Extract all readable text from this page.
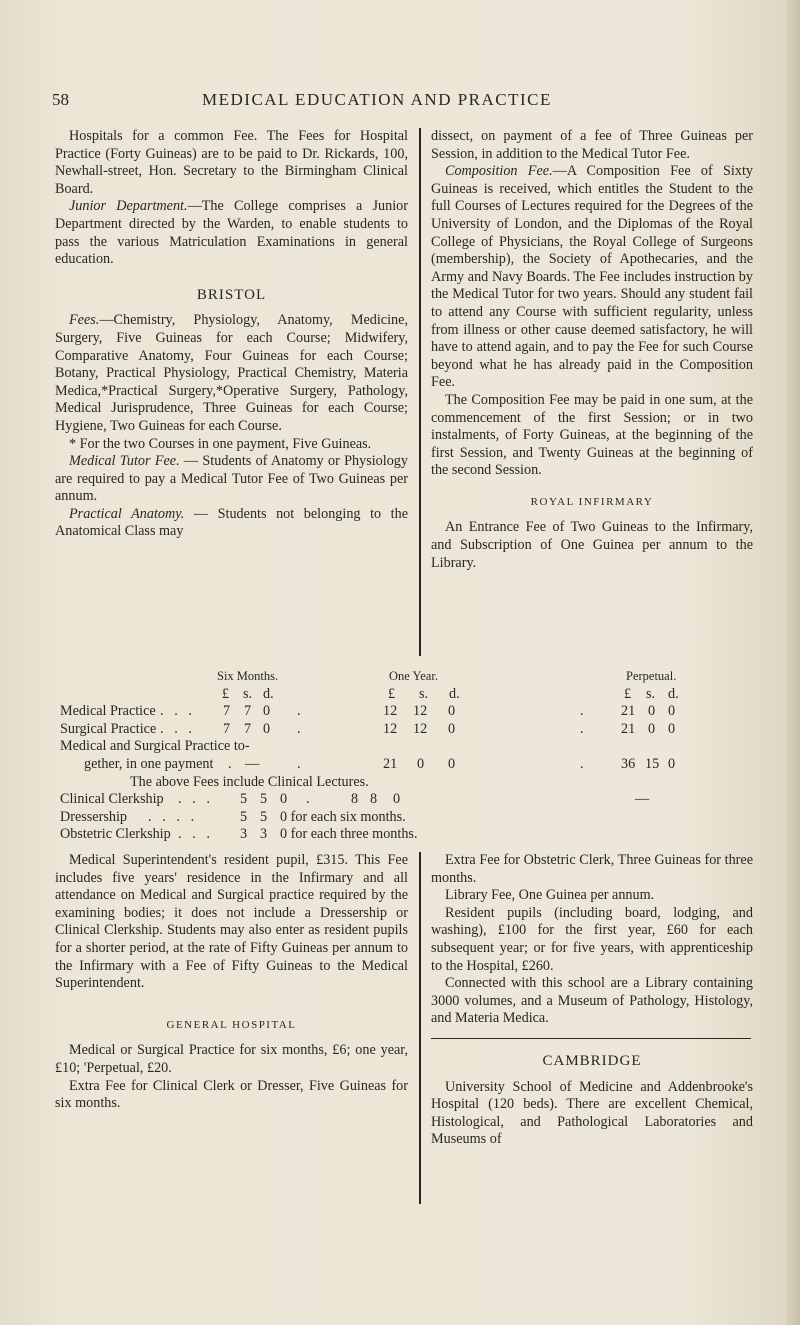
58	MEDICAL EDUCATION AND PRACTICE

Hospitals for a common Fee. The Fees for Hospital Practice (Forty Guineas) are to be paid to Dr. Rickards, 100, Newhall-street, Hon. Secretary to the Birmingham Clinical Board.

Junior Department.—The College comprises a Junior Department directed by the Warden, to enable students to pass the various Matriculation Examinations in general education.

BRISTOL

Fees.—Chemistry, Physiology, Anatomy, Medicine, Surgery, Five Guineas for each Course; Midwifery, Comparative Anatomy, Four Guineas for each Course; Botany, Practical Physiology, Practical Chemistry, Materia Medica,*Practical Surgery,*Operative Surgery, Pathology, Medical Jurisprudence, Three Guineas for each Course; Hygiene, Two Guineas for each Course.

* For the two Courses in one payment, Five Guineas.

Medical Tutor Fee. — Students of Anatomy or Physiology are required to pay a Medical Tutor Fee of Two Guineas per annum.

Practical Anatomy. — Students not belonging to the Anatomical Class may

dissect, on payment of a fee of Three Guineas per Session, in addition to the Medical Tutor Fee.

Composition Fee.—A Composition Fee of Sixty Guineas is received, which entitles the Student to the full Courses of Lectures required for the Degrees of the University of London, and the Diplomas of the Royal College of Physicians, the Royal College of Surgeons (membership), the Society of Apothecaries, and the Army and Navy Boards. The Fee includes instruction by the Medical Tutor for two years. Should any student fail to attend any Course with sufficient regularity, unless from illness or other cause deemed satisfactory, he will have to attend again, and to pay the Fee for such Course beyond what he has already paid in the Composition Fee.

The Composition Fee may be paid in one sum, at the commencement of the first Session; or in two instalments, of Forty Guineas, at the beginning of the first Session, and Twenty Guineas at the beginning of the second Session.

ROYAL INFIRMARY

An Entrance Fee of Two Guineas to the Infirmary, and Subscription of One Guinea per annum to the Library.

Six Months.	One Year.	Perpetual.
£ s. d.	£ s. d.	£ s. d.
Medical Practice .   .   . 7 7 0 .	12 12 0	.	21 0 0
Surgical Practice .   .   . 7 7 0 .	12 12 0	.	21 0 0
Medical and Surgical Practice to-
gether, in one payment . —	.	21 0 0	.	36 15 0
The above Fees include Clinical Lectures.
Clinical Clerkship .   .   . 5 5 0 .	8 8 0	—
Dressership .   .   .   .	5 5 0 for each six months.
Obstetric Clerkship .   .   . 3 3 0 for each three months.

Medical Superintendent's resident pupil, £315. This Fee includes five years' residence in the Infirmary and all attendance on Medical and Surgical practice required by the examining bodies; it does not include a Dressership or Clinical Clerkship. Students may also enter as resident pupils for a shorter period, at the rate of Fifty Guineas per annum to the Infirmary with a Fee of Fifty Guineas to the Medical Superintendent.

GENERAL HOSPITAL

Medical or Surgical Practice for six months, £6; one year, £10; 'Perpetual, £20.

Extra Fee for Clinical Clerk or Dresser, Five Guineas for six months.

Extra Fee for Obstetric Clerk, Three Guineas for three months.

Library Fee, One Guinea per annum.

Resident pupils (including board, lodging, and washing), £100 for the first year, £60 for each subsequent year; or for five years, with apprenticeship to the Hospital, £260.

Connected with this school are a Library containing 3000 volumes, and a Museum of Pathology, Histology, and Materia Medica.

CAMBRIDGE

University School of Medicine and Addenbrooke's Hospital (120 beds). There are excellent Chemical, Histological, and Pathological Laboratories and Museums of
